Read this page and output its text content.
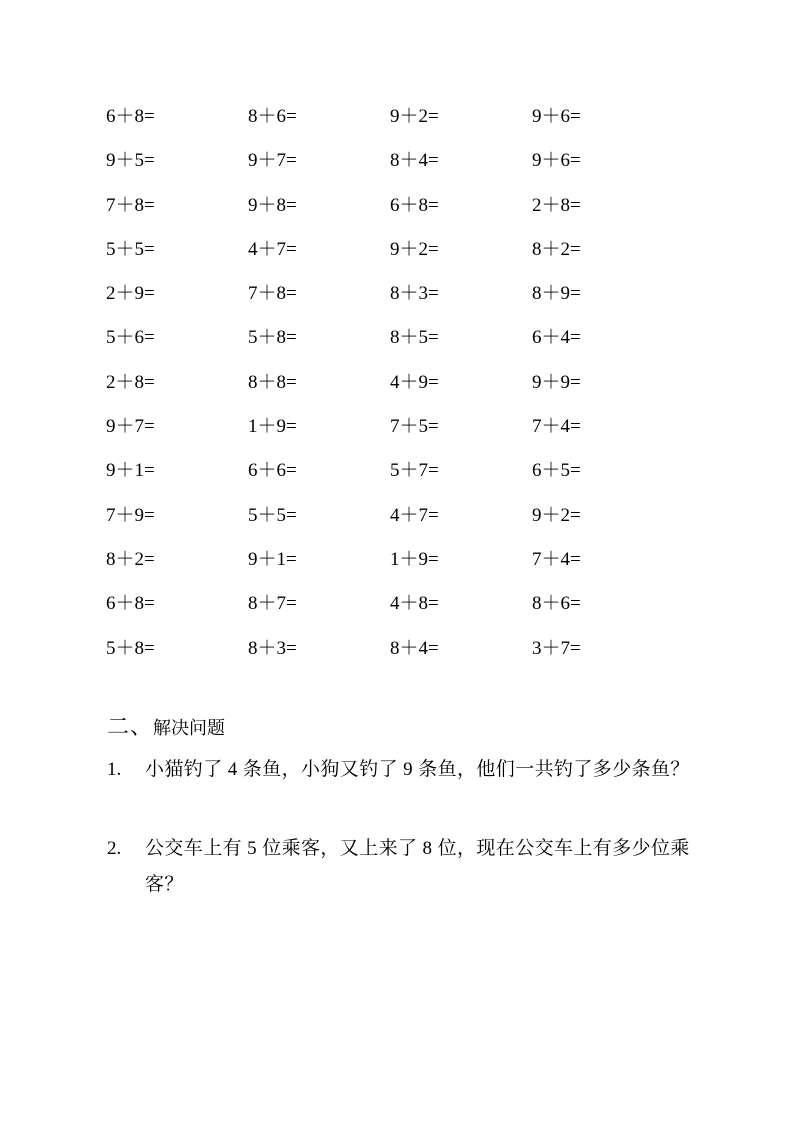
6＋8=	8＋6=	9＋2=	9＋6=
9＋5=	9＋7=	8＋4=	9＋6=
7＋8=	9＋8=	6＋8=	2＋8=
5＋5=	4＋7=	9＋2=	8＋2=
2＋9=	7＋8=	8＋3=	8＋9=
5＋6=	5＋8=	8＋5=	6＋4=
2＋8=	8＋8=	4＋9=	9＋9=
9＋7=	1＋9=	7＋5=	7＋4=
9＋1=	6＋6=	5＋7=	6＋5=
7＋9=	5＋5=	4＋7=	9＋2=
8＋2=	9＋1=	1＋9=	7＋4=
6＋8=	8＋7=	4＋8=	8＋6=
5＋8=	8＋3=	8＋4=	3＋7=
二、解决问题
1.	小猫钓了 4 条鱼，小狗又钓了 9 条鱼，他们一共钓了多少条鱼？
2.	公交车上有 5 位乘客，又上来了 8 位，现在公交车上有多少位乘客？
